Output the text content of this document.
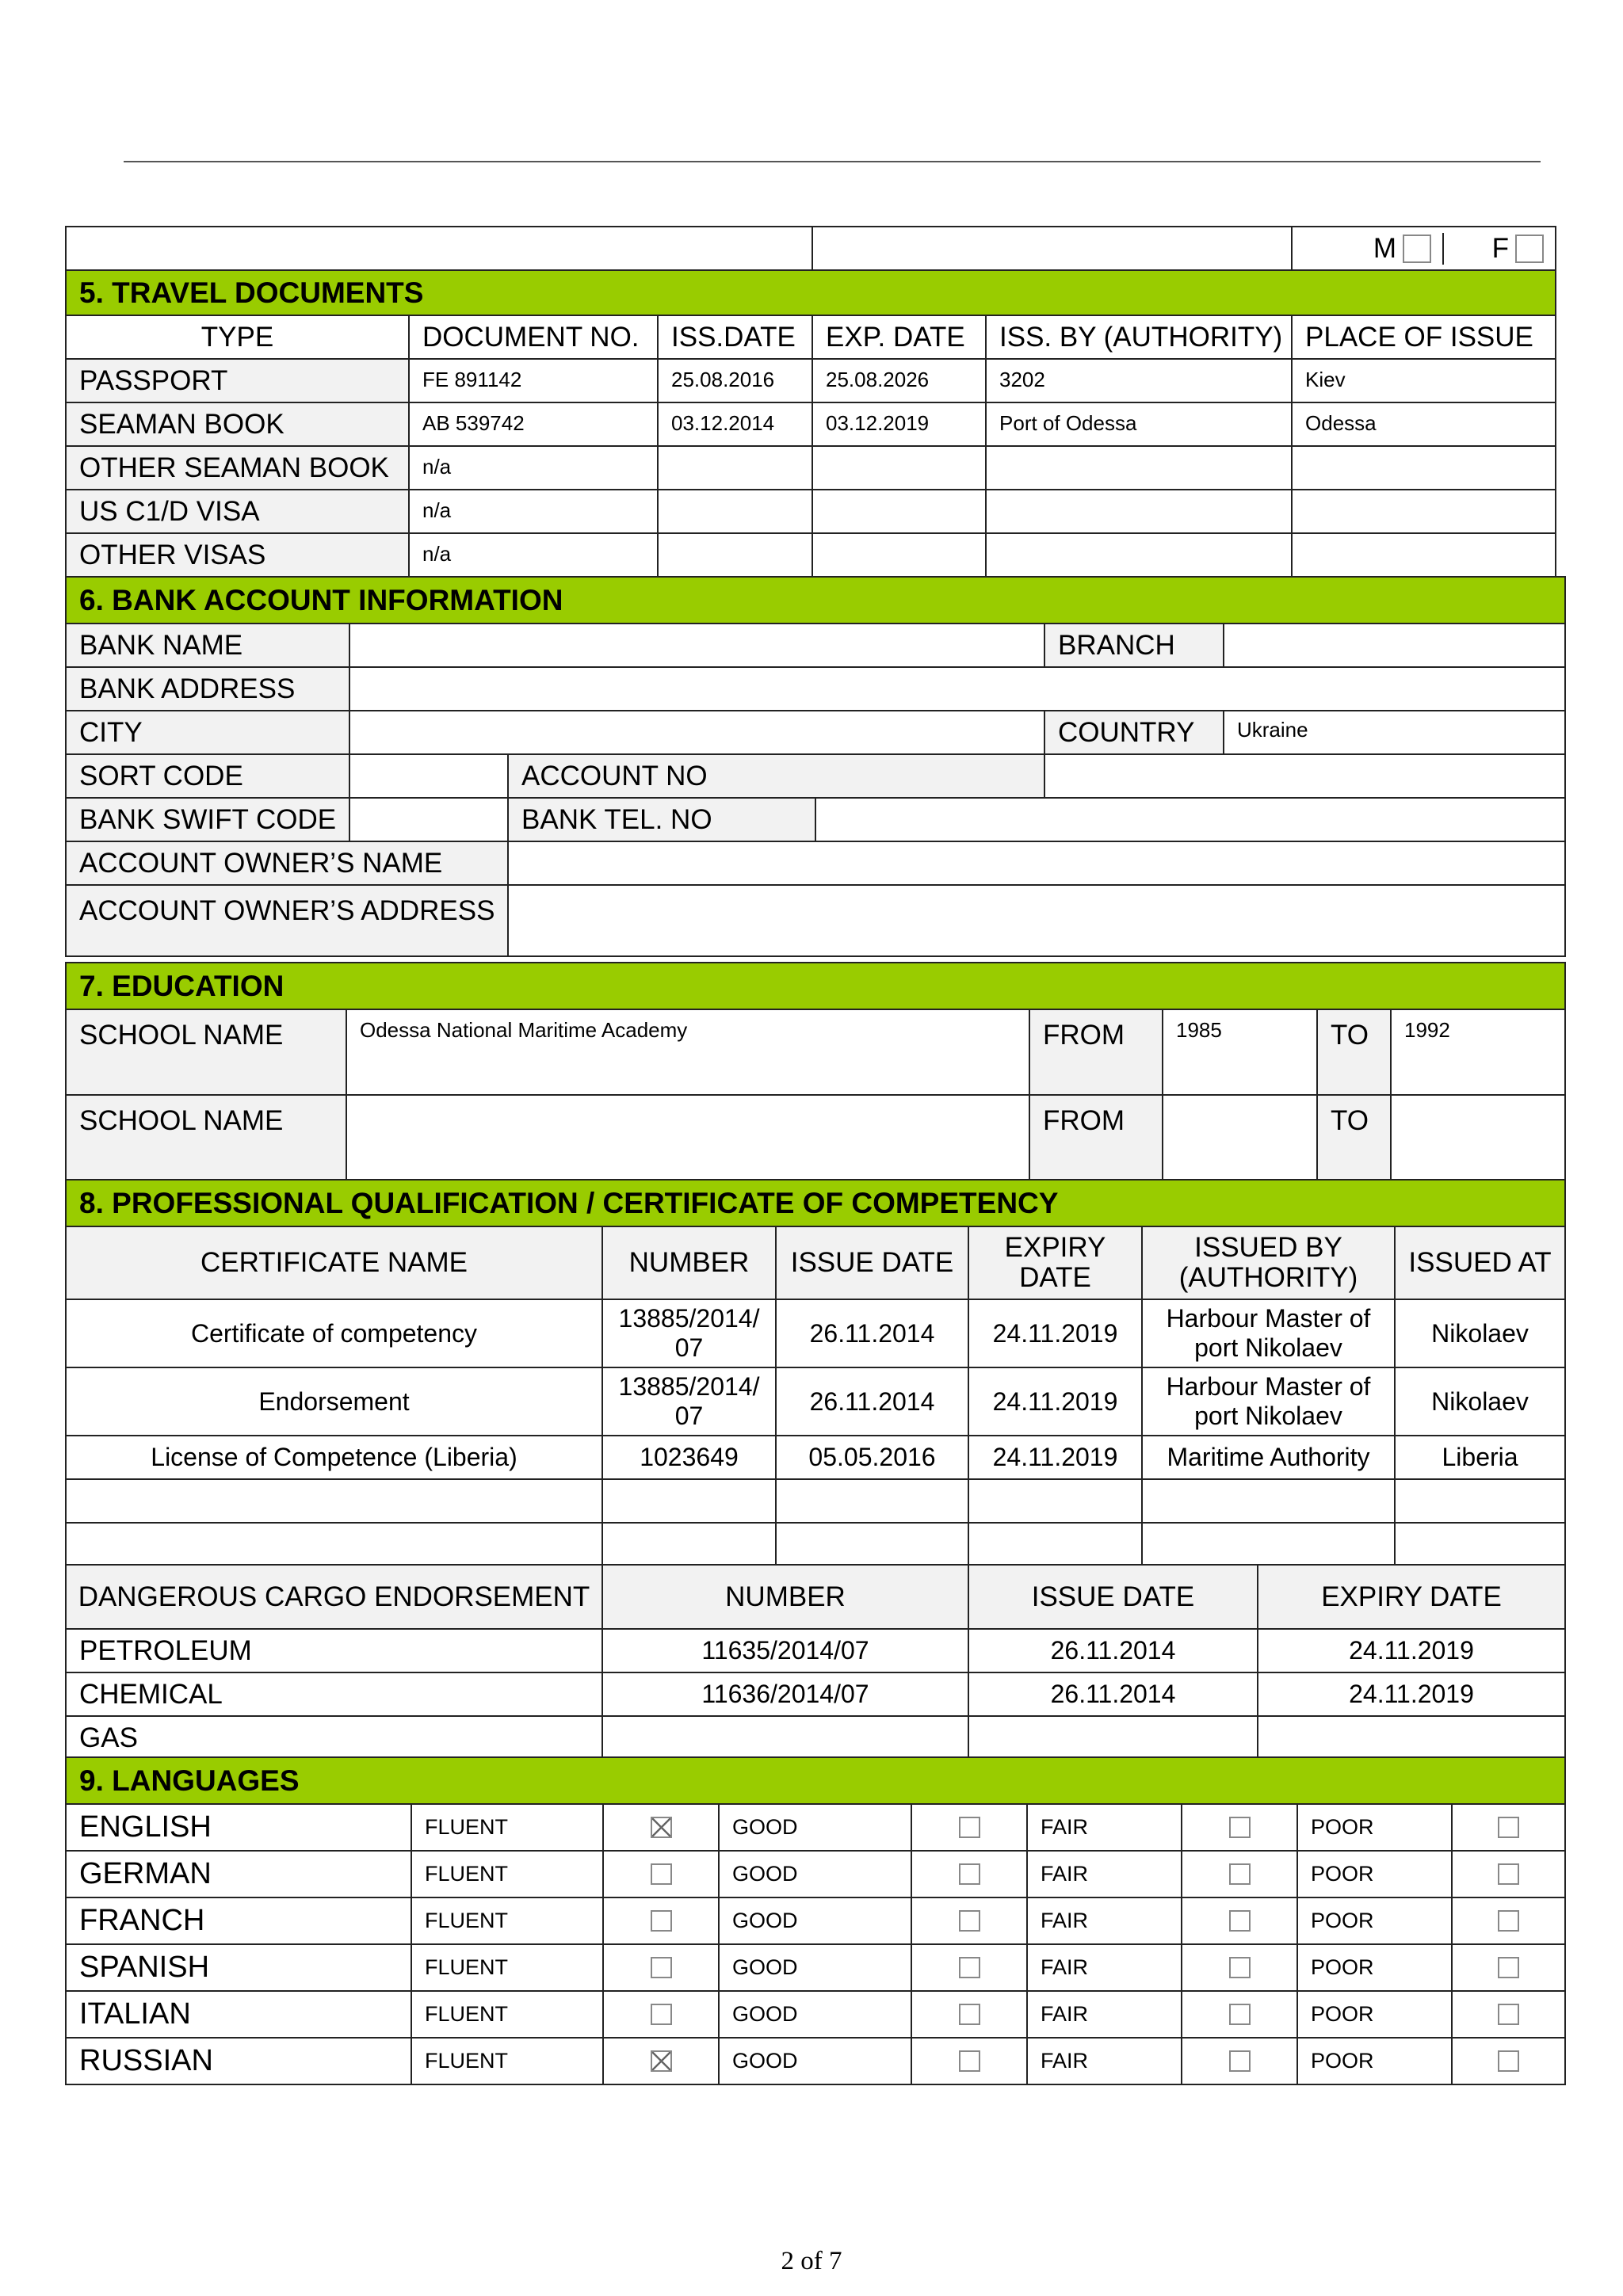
					M F

5. TRAVEL DOCUMENTS					
TYPE	DOCUMENT NO.	ISS.DATE	EXP. DATE	ISS. BY (AUTHORITY)	PLACE OF ISSUE
PASSPORT	FE 891142	25.08.2016	25.08.2026	3202	Kiev
SEAMAN BOOK	AB 539742	03.12.2014	03.12.2019	Port of Odessa	Odessa
OTHER SEAMAN BOOK	n/a				
US C1/D VISA	n/a				
OTHER VISAS	n/a				
6. BANK ACCOUNT INFORMATION					
BANK NAME				BRANCH	
BANK ADDRESS					
CITY				COUNTRY	Ukraine
SORT CODE		ACCOUNT NO			
BANK SWIFT CODE		BANK TEL. NO			
ACCOUNT OWNER’S NAME					
ACCOUNT OWNER’S ADDRESS					
7. EDUCATION					
SCHOOL NAME	Odessa National Maritime Academy	FROM	1985	TO	1992
SCHOOL NAME		FROM		TO	
8. PROFESSIONAL QUALIFICATION / CERTIFICATE OF COMPETENCY					
CERTIFICATE NAME	NUMBER	ISSUE DATE	EXPIRY DATE	ISSUED BY (AUTHORITY)	ISSUED AT
Certificate of competency	13885/2014/07	26.11.2014	24.11.2019	Harbour Master of port Nikolaev	Nikolaev
Endorsement	13885/2014/07	26.11.2014	24.11.2019	Harbour Master of port Nikolaev	Nikolaev
License of Competence (Liberia)	1023649	05.05.2016	24.11.2019	Maritime Authority	Liberia

DANGEROUS CARGO ENDORSEMENT	NUMBER	ISSUE DATE	EXPIRY DATE
PETROLEUM	11635/2014/07	26.11.2014	24.11.2019
CHEMICAL	11636/2014/07	26.11.2014	24.11.2019
GAS			
9. LANGUAGES								
ENGLISH	FLUENT		GOOD		FAIR		POOR	
GERMAN	FLUENT		GOOD		FAIR		POOR	
FRANCH	FLUENT		GOOD		FAIR		POOR	
SPANISH	FLUENT		GOOD		FAIR		POOR	
ITALIAN	FLUENT		GOOD		FAIR		POOR	
RUSSIAN	FLUENT		GOOD		FAIR		POOR	
2 of 7
